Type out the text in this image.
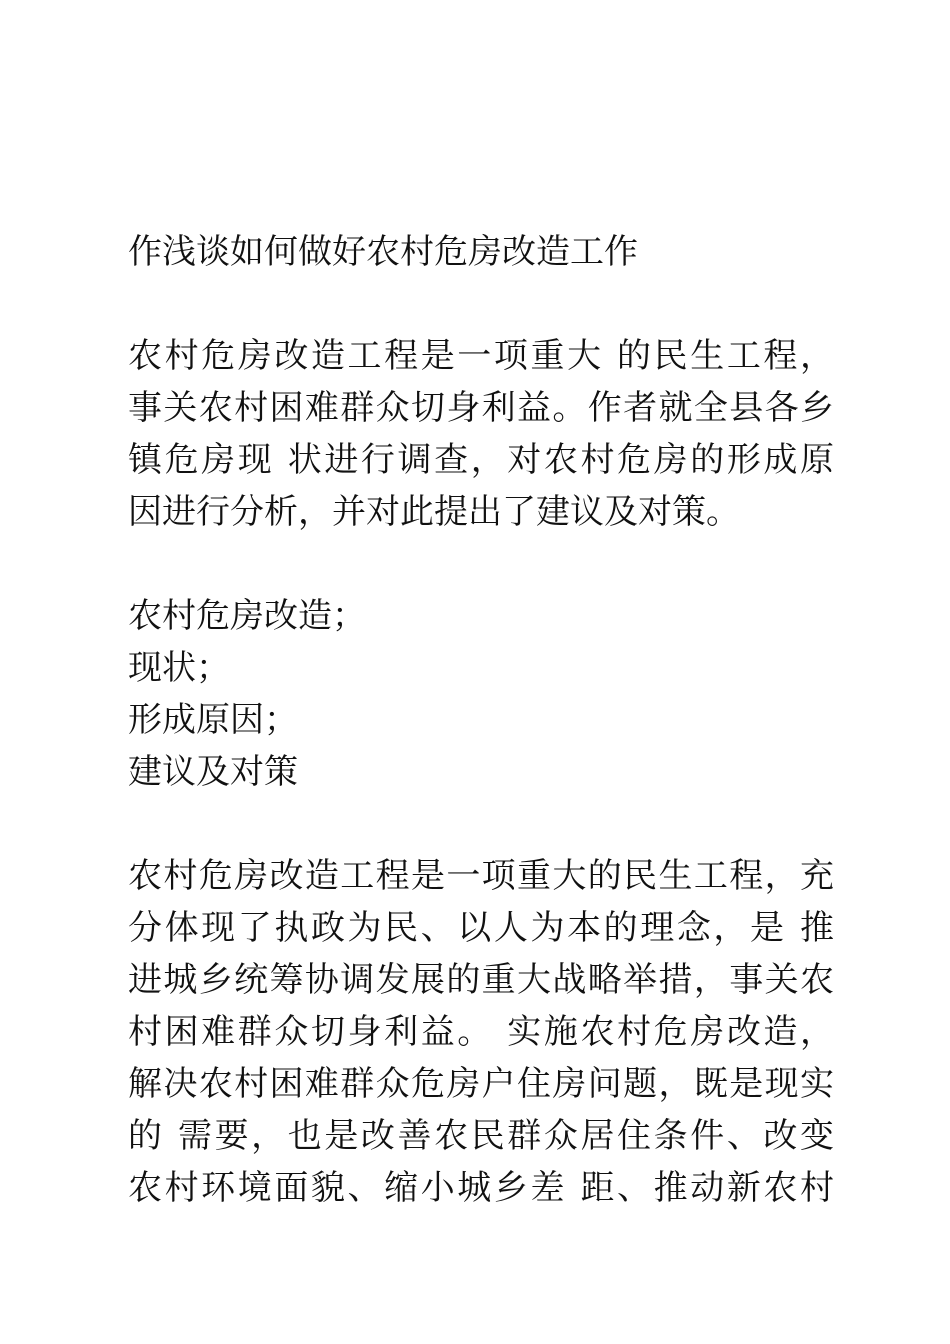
作浅谈如何做好农村危房改造工作
农村危房改造工程是一项重大 的民生工程，
事关农村困难群众切身利益。作者就全县各乡
镇危房现 状进行调查，对农村危房的形成原
因进行分析，并对此提出了建议及对策。
农村危房改造；
现状；
形成原因；
建议及对策
农村危房改造工程是一项重大的民生工程，充
分体现了执政为民、以人为本的理念，是 推
进城乡统筹协调发展的重大战略举措，事关农
村困难群众切身利益。 实施农村危房改造，
解决农村困难群众危房户住房问题，既是现实
的 需要，也是改善农民群众居住条件、改变
农村环境面貌、缩小城乡差 距、推动新农村
